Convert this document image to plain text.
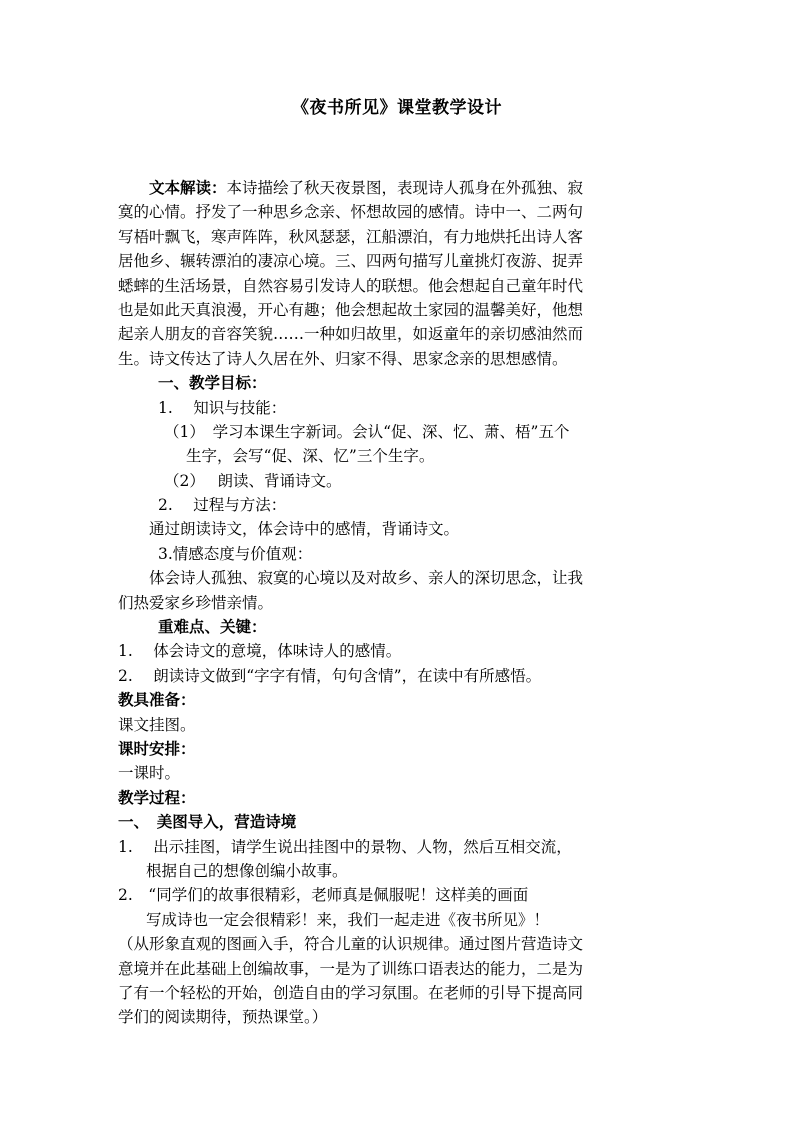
《夜书所见》课堂教学设计
文本解读：本诗描绘了秋天夜景图，表现诗人孤身在外孤独、寂
寞的心情。抒发了一种思乡念亲、怀想故园的感情。诗中一、二两句
写梧叶飘飞，寒声阵阵，秋风瑟瑟，江船漂泊，有力地烘托出诗人客
居他乡、辗转漂泊的凄凉心境。三、四两句描写儿童挑灯夜游、捉弄
蟋蟀的生活场景，自然容易引发诗人的联想。他会想起自己童年时代
也是如此天真浪漫，开心有趣；他会想起故土家园的温馨美好，他想
起亲人朋友的音容笑貌……一种如归故里，如返童年的亲切感油然而
生。诗文传达了诗人久居在外、归家不得、思家念亲的思想感情。
一、教学目标：
1.　 知识与技能：
（1）　学习本课生字新词。会认“促、深、忆、萧、梧”五个
生字，会写“促、深、忆”三个生字。
（2）　 朗读、背诵诗文。
2.　 过程与方法：
通过朗读诗文，体会诗中的感情，背诵诗文。
3.情感态度与价值观：
体会诗人孤独、寂寞的心境以及对故乡、亲人的深切思念，让我
们热爱家乡珍惜亲情。
重难点、关键：
1.　 体会诗文的意境，体味诗人的感情。
2.　 朗读诗文做到“字字有情，句句含情”，在读中有所感悟。
教具准备：
课文挂图。
课时安排：
一课时。
教学过程：
一、　美图导入，营造诗境
1.　 出示挂图，请学生说出挂图中的景物、人物，然后互相交流，
根据自己的想像创编小故事。
2.　“同学们的故事很精彩，老师真是佩服呢！这样美的画面
写成诗也一定会很精彩！来，我们一起走进《夜书所见》！
（从形象直观的图画入手，符合儿童的认识规律。通过图片营造诗文
意境并在此基础上创编故事，一是为了训练口语表达的能力，二是为
了有一个轻松的开始，创造自由的学习氛围。在老师的引导下提高同
学们的阅读期待，预热课堂。）
